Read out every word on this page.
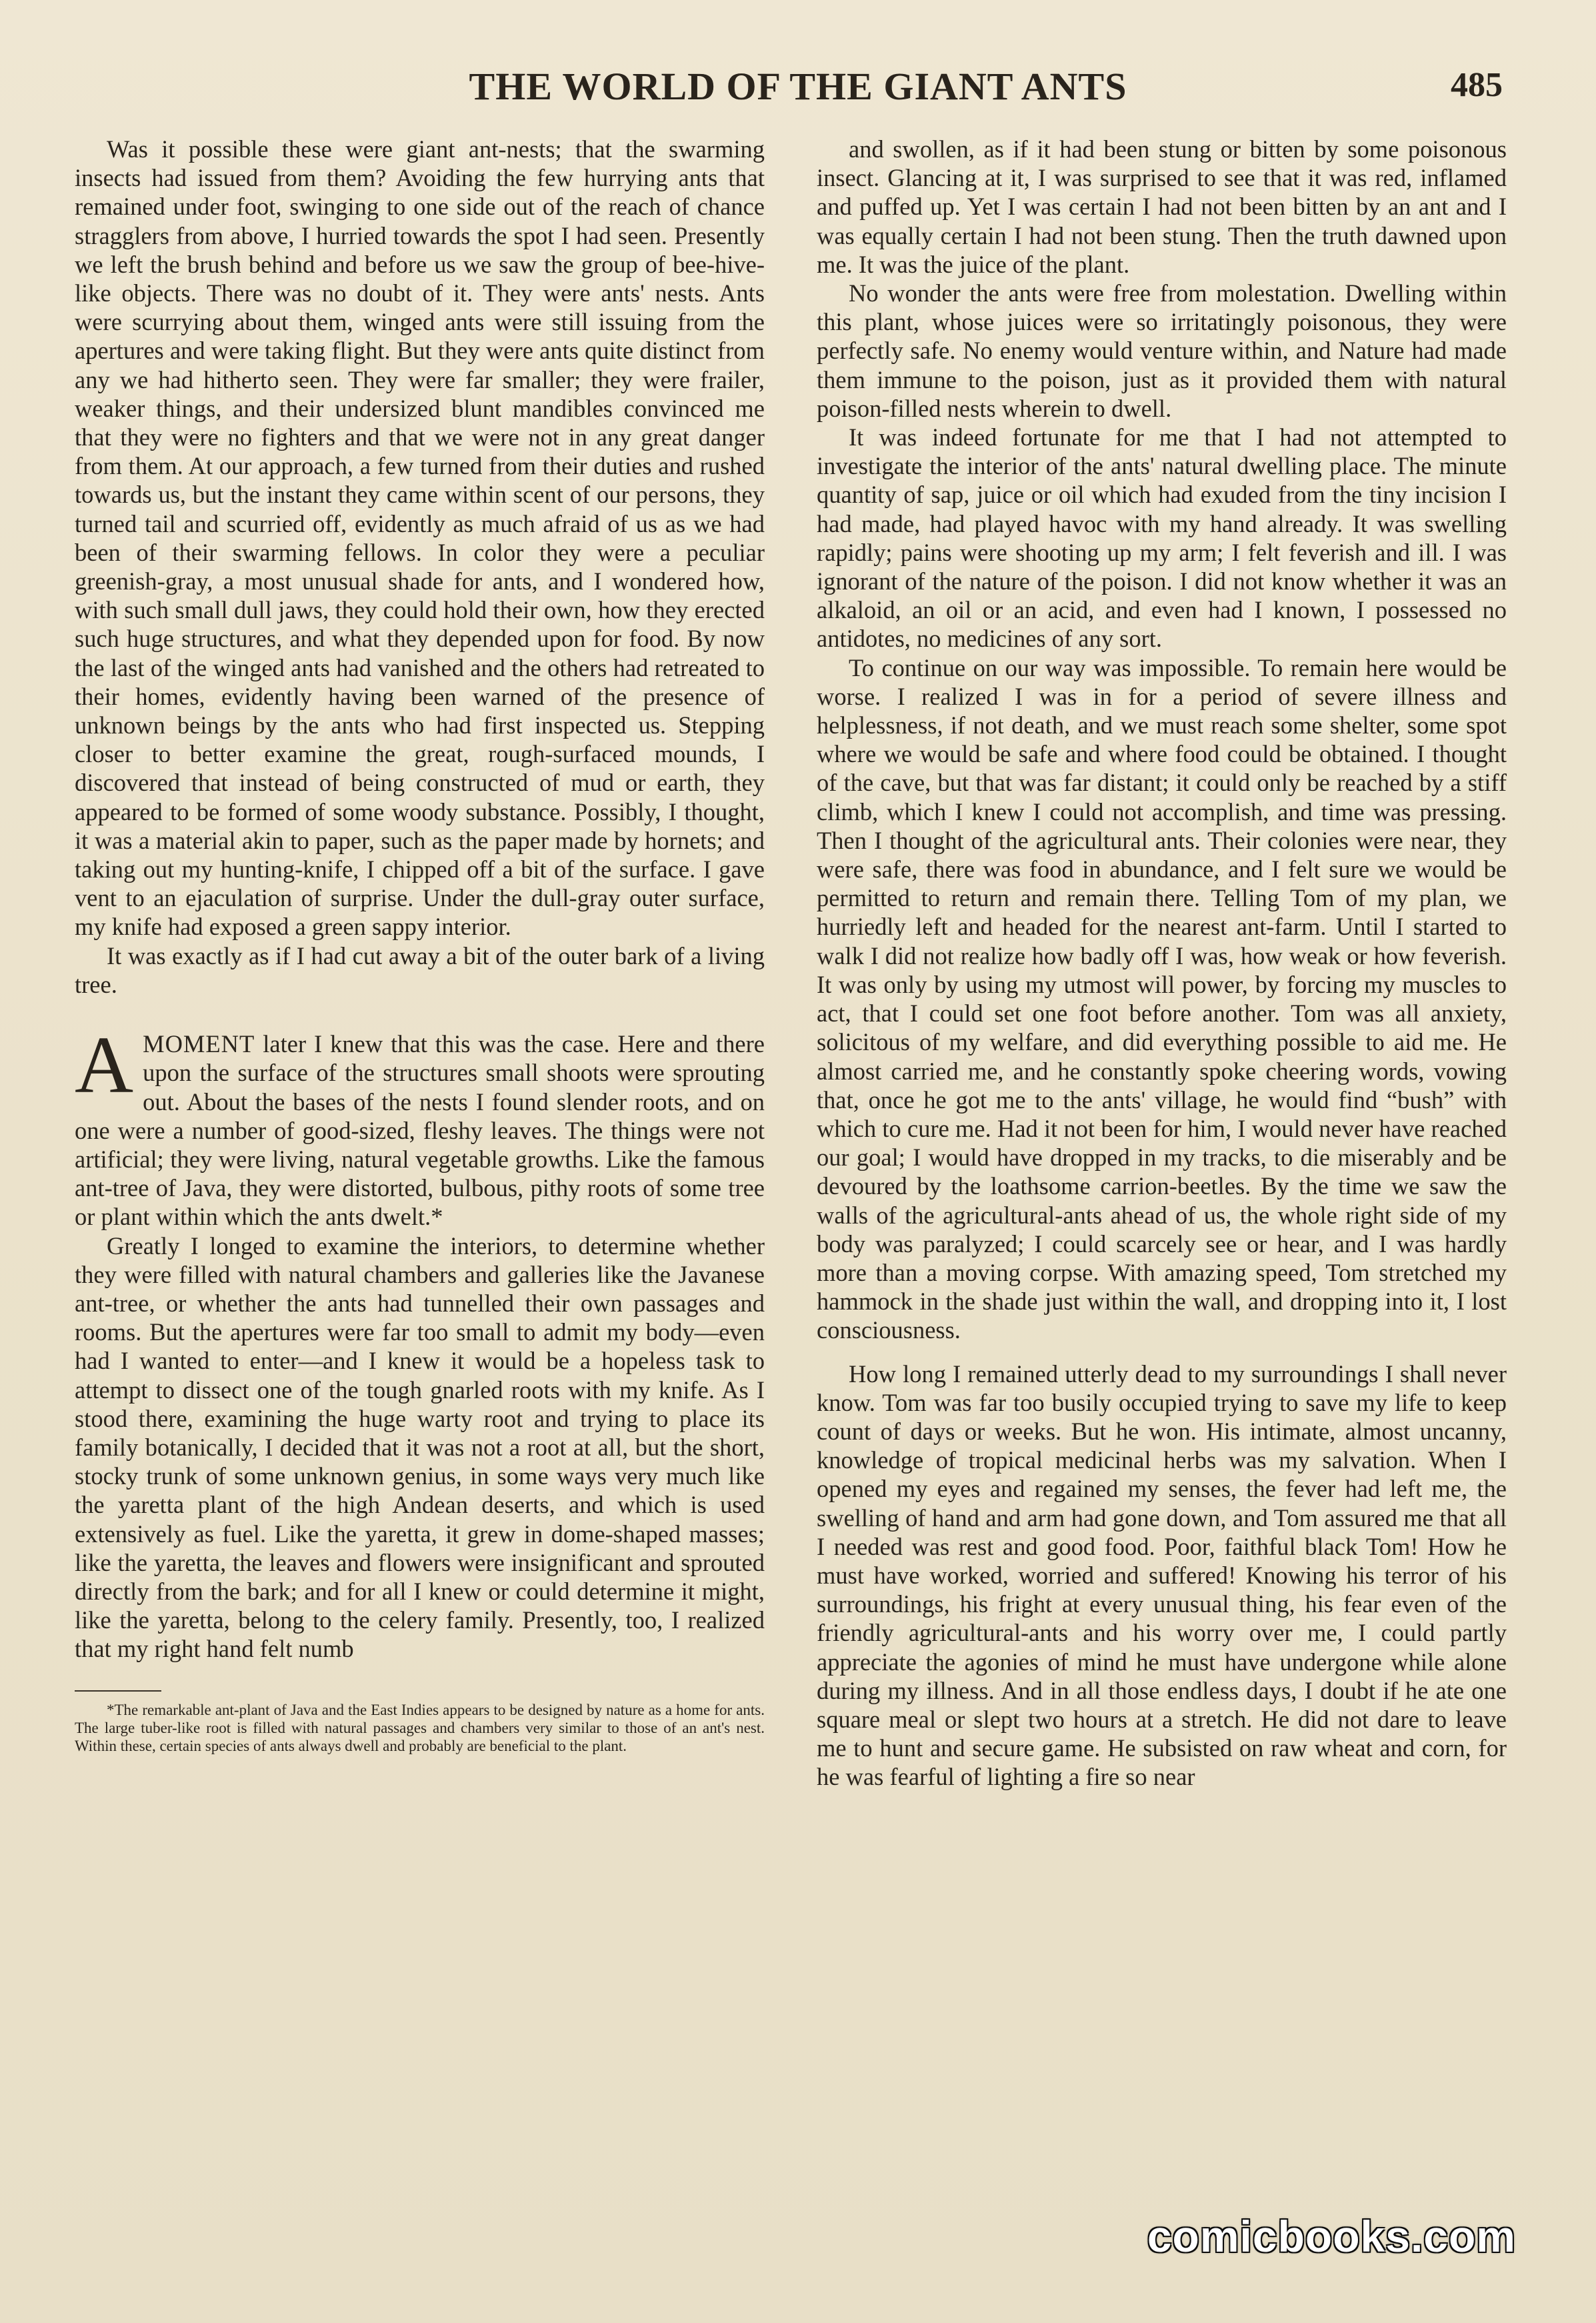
THE WORLD OF THE GIANT ANTS	485

Was it possible these were giant ant-nests; that the swarming insects had issued from them? Avoiding the few hurrying ants that remained under foot, swinging to one side out of the reach of chance stragglers from above, I hurried towards the spot I had seen. Presently we left the brush behind and before us we saw the group of bee-hive-like objects. There was no doubt of it. They were ants' nests. Ants were scurrying about them, winged ants were still issuing from the apertures and were taking flight. But they were ants quite distinct from any we had hitherto seen. They were far smaller; they were frailer, weaker things, and their undersized blunt mandibles convinced me that they were no fighters and that we were not in any great danger from them. At our approach, a few turned from their duties and rushed towards us, but the instant they came within scent of our persons, they turned tail and scurried off, evidently as much afraid of us as we had been of their swarming fellows. In color they were a peculiar greenish-gray, a most unusual shade for ants, and I wondered how, with such small dull jaws, they could hold their own, how they erected such huge structures, and what they depended upon for food. By now the last of the winged ants had vanished and the others had retreated to their homes, evidently having been warned of the presence of unknown beings by the ants who had first inspected us. Stepping closer to better examine the great, rough-surfaced mounds, I discovered that instead of being constructed of mud or earth, they appeared to be formed of some woody substance. Possibly, I thought, it was a material akin to paper, such as the paper made by hornets; and taking out my hunting-knife, I chipped off a bit of the surface. I gave vent to an ejaculation of surprise. Under the dull-gray outer surface, my knife had exposed a green sappy interior.

It was exactly as if I had cut away a bit of the outer bark of a living tree.

AMOMENT later I knew that this was the case. Here and there upon the surface of the structures small shoots were sprouting out. About the bases of the nests I found slender roots, and on one were a number of good-sized, fleshy leaves. The things were not artificial; they were living, natural vegetable growths. Like the famous ant-tree of Java, they were distorted, bulbous, pithy roots of some tree or plant within which the ants dwelt.*

Greatly I longed to examine the interiors, to determine whether they were filled with natural chambers and galleries like the Javanese ant-tree, or whether the ants had tunnelled their own passages and rooms. But the apertures were far too small to admit my body—even had I wanted to enter—and I knew it would be a hopeless task to attempt to dissect one of the tough gnarled roots with my knife. As I stood there, examining the huge warty root and trying to place its family botanically, I decided that it was not a root at all, but the short, stocky trunk of some unknown genius, in some ways very much like the yaretta plant of the high Andean deserts, and which is used extensively as fuel. Like the yaretta, it grew in dome-shaped masses; like the yaretta, the leaves and flowers were insignificant and sprouted directly from the bark; and for all I knew or could determine it might, like the yaretta, belong to the celery family. Presently, too, I realized that my right hand felt numb

*The remarkable ant-plant of Java and the East Indies appears to be designed by nature as a home for ants. The large tuber-like root is filled with natural passages and chambers very similar to those of an ant's nest. Within these, certain species of ants always dwell and probably are beneficial to the plant.

and swollen, as if it had been stung or bitten by some poisonous insect. Glancing at it, I was surprised to see that it was red, inflamed and puffed up. Yet I was certain I had not been bitten by an ant and I was equally certain I had not been stung. Then the truth dawned upon me. It was the juice of the plant.

No wonder the ants were free from molestation. Dwelling within this plant, whose juices were so irritatingly poisonous, they were perfectly safe. No enemy would venture within, and Nature had made them immune to the poison, just as it provided them with natural poison-filled nests wherein to dwell.

It was indeed fortunate for me that I had not attempted to investigate the interior of the ants' natural dwelling place. The minute quantity of sap, juice or oil which had exuded from the tiny incision I had made, had played havoc with my hand already. It was swelling rapidly; pains were shooting up my arm; I felt feverish and ill. I was ignorant of the nature of the poison. I did not know whether it was an alkaloid, an oil or an acid, and even had I known, I possessed no antidotes, no medicines of any sort.

To continue on our way was impossible. To remain here would be worse. I realized I was in for a period of severe illness and helplessness, if not death, and we must reach some shelter, some spot where we would be safe and where food could be obtained. I thought of the cave, but that was far distant; it could only be reached by a stiff climb, which I knew I could not accomplish, and time was pressing. Then I thought of the agricultural ants. Their colonies were near, they were safe, there was food in abundance, and I felt sure we would be permitted to return and remain there. Telling Tom of my plan, we hurriedly left and headed for the nearest ant-farm. Until I started to walk I did not realize how badly off I was, how weak or how feverish. It was only by using my utmost will power, by forcing my muscles to act, that I could set one foot before another. Tom was all anxiety, solicitous of my welfare, and did everything possible to aid me. He almost carried me, and he constantly spoke cheering words, vowing that, once he got me to the ants' village, he would find “bush” with which to cure me. Had it not been for him, I would never have reached our goal; I would have dropped in my tracks, to die miserably and be devoured by the loathsome carrion-beetles. By the time we saw the walls of the agricultural-ants ahead of us, the whole right side of my body was paralyzed; I could scarcely see or hear, and I was hardly more than a moving corpse. With amazing speed, Tom stretched my hammock in the shade just within the wall, and dropping into it, I lost consciousness.

How long I remained utterly dead to my surroundings I shall never know. Tom was far too busily occupied trying to save my life to keep count of days or weeks. But he won. His intimate, almost uncanny, knowledge of tropical medicinal herbs was my salvation. When I opened my eyes and regained my senses, the fever had left me, the swelling of hand and arm had gone down, and Tom assured me that all I needed was rest and good food. Poor, faithful black Tom! How he must have worked, worried and suffered! Knowing his terror of his surroundings, his fright at every unusual thing, his fear even of the friendly agricultural-ants and his worry over me, I could partly appreciate the agonies of mind he must have undergone while alone during my illness. And in all those endless days, I doubt if he ate one square meal or slept two hours at a stretch. He did not dare to leave me to hunt and secure game. He subsisted on raw wheat and corn, for he was fearful of lighting a fire so near

comicbooks.com
